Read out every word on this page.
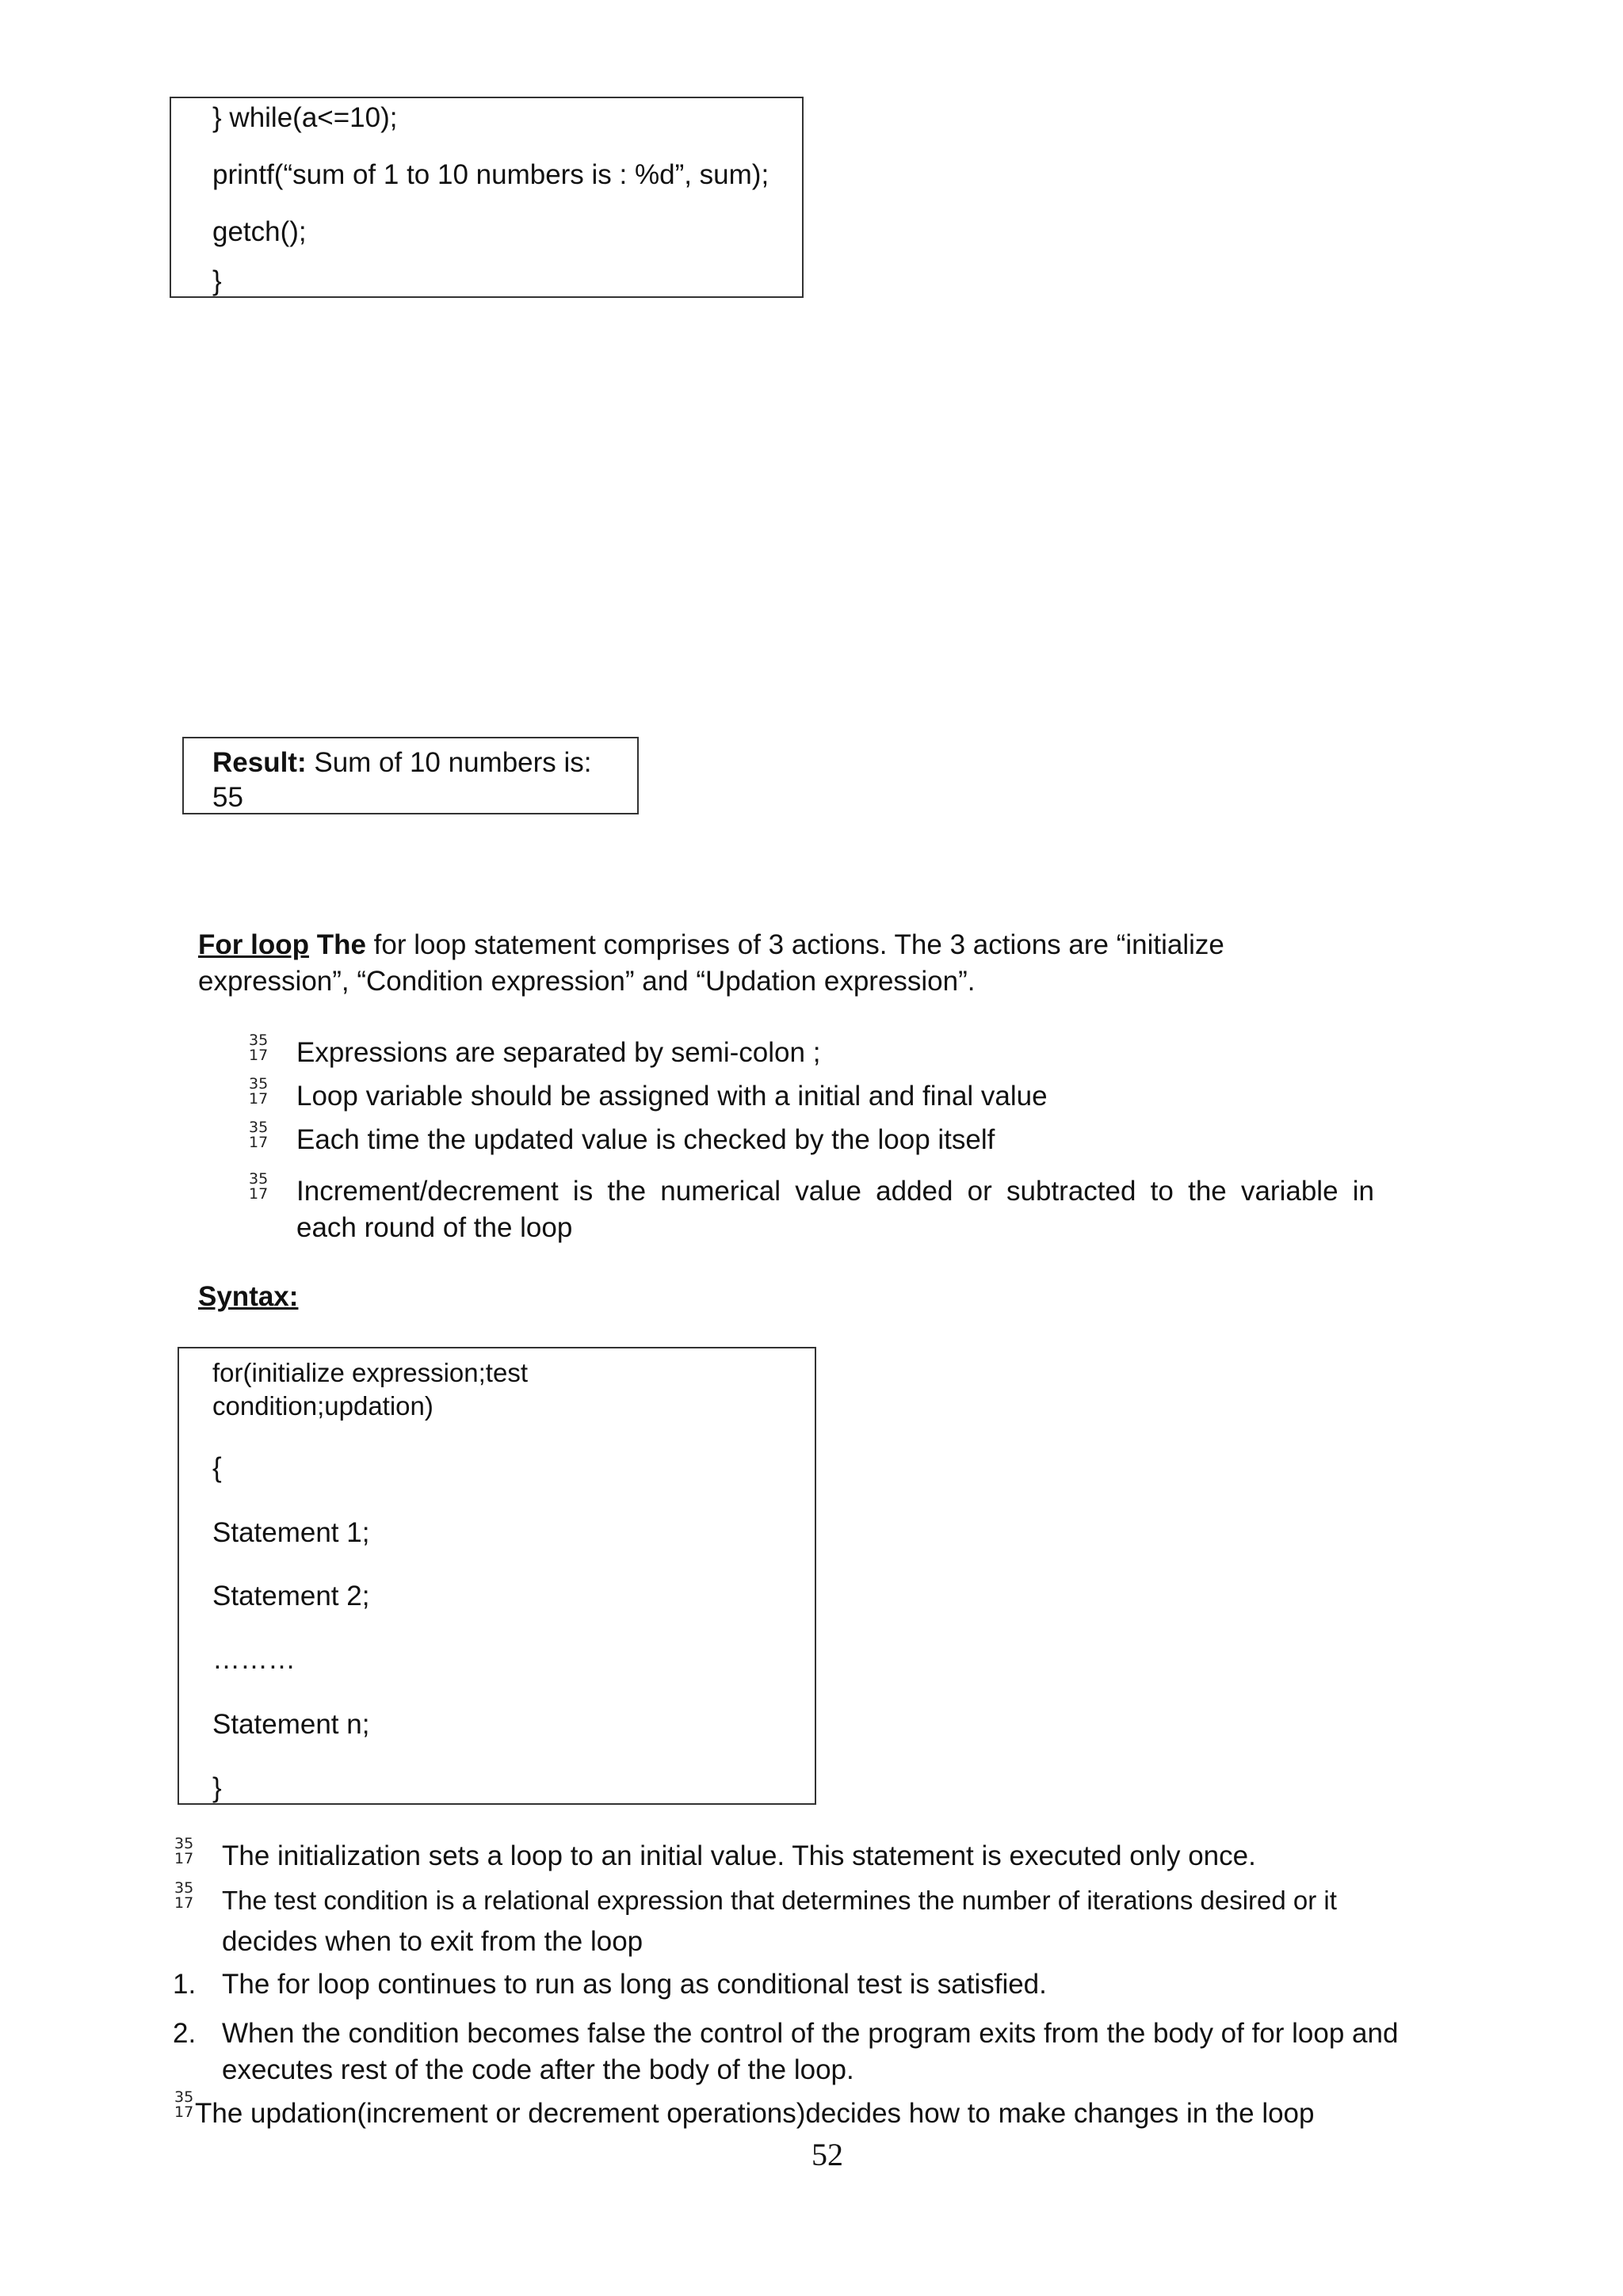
} while(a<=10);
printf(“sum of 1 to 10 numbers is : %d”, sum);
getch();
}
Result: Sum of 10 numbers is:
55
For loop The for loop statement comprises of 3 actions. The 3 actions are “initialize
expression”, “Condition expression” and “Updation expression”.
35
17 Expressions are separated by semi-colon ;
35
17 Loop variable should be assigned with a initial and final value
35
17 Each time the updated value is checked by the loop itself
35
17 Increment/decrement is the numerical value added or subtracted to the variable in
each round of the loop
Syntax:
for(initialize expression;test
condition;updation)
{
Statement 1;
Statement 2;
………
Statement n;
}
35
17 The initialization sets a loop to an initial value. This statement is executed only once.
35
17 The test condition is a relational expression that determines the number of iterations desired or it
decides when to exit from the loop
1. The for loop continues to run as long as conditional test is satisfied.
2. When the condition becomes false the control of the program exits from the body of for loop and
executes rest of the code after the body of the loop.
35
17 The updation(increment or decrement operations)decides how to make changes in the loop
52
